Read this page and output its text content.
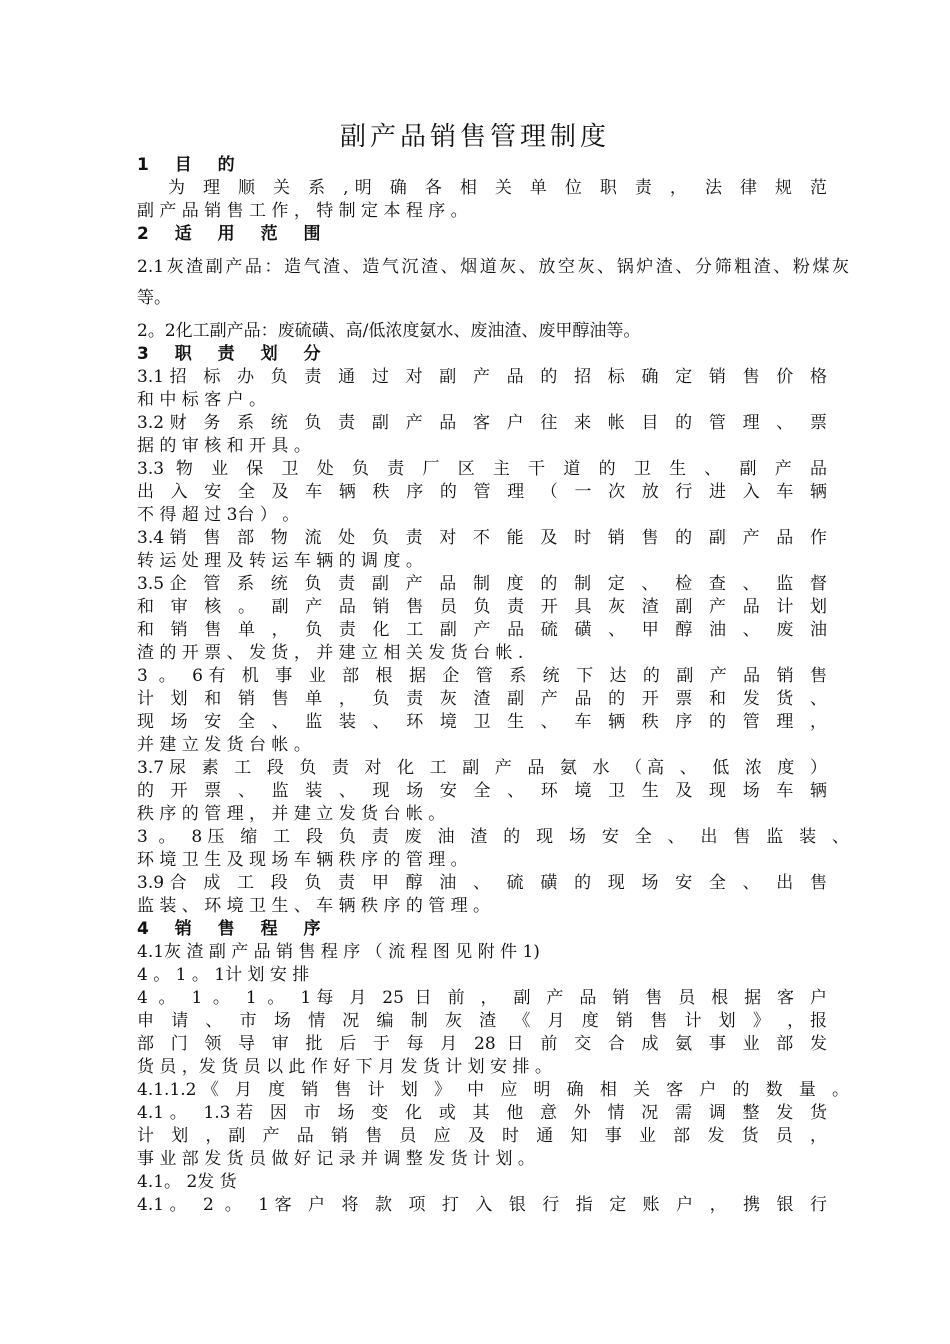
副产品销售管理制度
1 目 的
为 理 顺 关 系 ,明 确 各 相 关 单 位 职 责 ， 法 律 规 范
副 产 品 销 售 工 作 ， 特 制 定 本 程 序 。
2 适 用 范 围
2.1灰渣副产品：造气渣、造气沉渣、烟道灰、放空灰、锅炉渣、分筛粗渣、粉煤灰
等。
2。2化工副产品：废硫磺、高/低浓度氨水、废油渣、废甲醇油等。
3 职 责 划 分
3.1招 标 办 负 责 通 过 对 副 产 品 的 招 标 确 定 销 售 价 格
和 中 标 客 户 。
3.2财 务 系 统 负 责 副 产 品 客 户 往 来 帐 目 的 管 理 、 票
据 的 审 核 和 开 具 。
3.3 物 业 保 卫 处 负 责 厂 区 主 干 道 的 卫 生 、 副 产 品
出 入 安 全 及 车 辆 秩 序 的 管 理 （ 一 次 放 行 进 入 车 辆
不 得 超 过 3台 ） 。
3.4销 售 部 物 流 处 负 责 对 不 能 及 时 销 售 的 副 产 品 作
转 运 处 理 及 转 运 车 辆 的 调 度 。
3.5企 管 系 统 负 责 副 产 品 制 度 的 制 定 、 检 查 、 监 督
和 审 核 。 副 产 品 销 售 员 负 责 开 具 灰 渣 副 产 品 计 划
和 销 售 单 ， 负 责 化 工 副 产 品 硫 磺 、 甲 醇 油 、 废 油
渣 的 开 票 、 发 货 ， 并 建 立 相 关 发 货 台 帐 .
3 。 6有 机 事 业 部 根 据 企 管 系 统 下 达 的 副 产 品 销 售
计 划 和 销 售 单 ， 负 责 灰 渣 副 产 品 的 开 票 和 发 货 、
现 场 安 全 、 监 装 、 环 境 卫 生 、 车 辆 秩 序 的 管 理 ，
并 建 立 发 货 台 帐 。
3.7尿 素 工 段 负 责 对 化 工 副 产 品 氨 水 （高 、 低 浓 度 ）
的 开 票 、 监 装 、 现 场 安 全 、 环 境 卫 生 及 现 场 车 辆
秩 序 的 管 理 ， 并 建 立 发 货 台 帐 。
3 。 8压 缩 工 段 负 责 废 油 渣 的 现 场 安 全 、 出 售 监 装 、
环 境 卫 生 及 现 场 车 辆 秩 序 的 管 理 。
3.9合 成 工 段 负 责 甲 醇 油 、 硫 磺 的 现 场 安 全 、 出 售
监 装 、 环 境 卫 生 、 车 辆 秩 序 的 管 理 。
4 销 售 程 序
4.1灰 渣 副 产 品 销 售 程 序 （ 流 程 图 见 附 件 1)
4 。 1 。 1计 划 安 排
4 。 1 。 1 。 1每 月 25 日 前 ， 副 产 品 销 售 员 根 据 客 户
申 请 、 市 场 情 况 编 制 灰 渣 《 月 度 销 售 计 划 》 ，报
部 门 领 导 审 批 后 于 每 月 28 日 前 交 合 成 氨 事 业 部 发
货 员 ，发 货 员 以 此 作 好 下 月 发 货 计 划 安 排 。
4.1.1.2《 月 度 销 售 计 划 》 中 应 明 确 相 关 客 户 的 数 量 。
4.1。 1.3若 因 市 场 变 化 或 其 他 意 外 情 况 需 调 整 发 货
计 划 ，副 产 品 销 售 员 应 及 时 通 知 事 业 部 发 货 员 ，
事 业 部 发 货 员 做 好 记 录 并 调 整 发 货 计 划 。
4.1。 2发 货
4.1。 2 。 1客 户 将 款 项 打 入 银 行 指 定 账 户 ， 携 银 行
